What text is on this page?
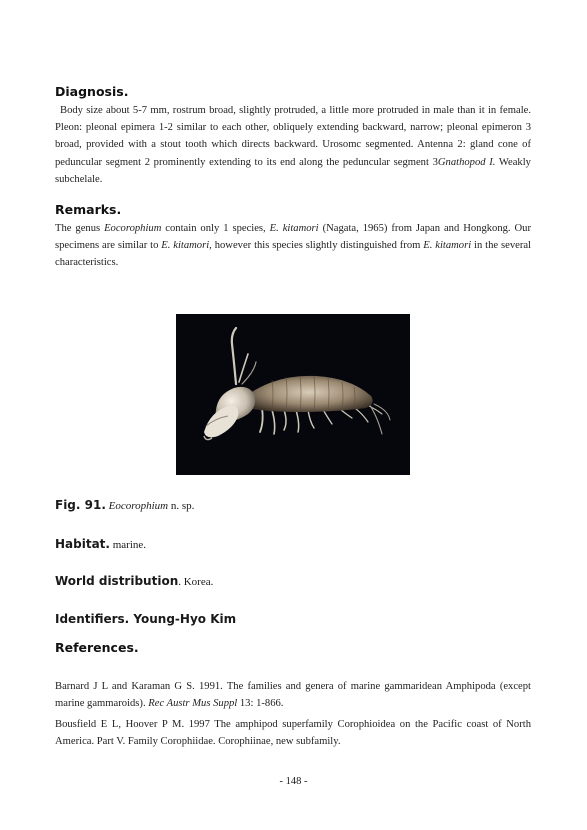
Diagnosis.

Body size about 5-7 mm, rostrum broad, slightly protruded, a little more protruded in male than it in female. Pleon: pleonal epimera 1-2 similar to each other, obliquely extending backward, narrow; pleonal epimeron 3 broad, provided with a stout tooth which directs backward. Urosomc segmented. Antenna 2: gland cone of peduncular segment 2 prominently extending to its end along the peduncular segment 3Gnathopod I. Weakly subchelale.

Remarks.

The genus Eocorophium contain only 1 species, E. kitamori (Nagata, 1965) from Japan and Hongkong. Our specimens are similar to E. kitamori, however this species slightly distinguished from E. kitamori in the several characteristics.

Fig. 91. Eocorophium n. sp.
Habitat. marine.
World distribution. Korea.
Identifiers. Young-Hyo Kim
References.

Barnard J L and Karaman G S. 1991. The families and genera of marine gammaridean Amphipoda (except marine gammaroids). Rec Austr Mus Suppl 13: 1-866.

Bousfield E L, Hoover P M. 1997 The amphipod superfamily Corophioidea on the Pacific coast of North America. Part V. Family Corophiidae. Corophiinae, new subfamily.

- 148 -
